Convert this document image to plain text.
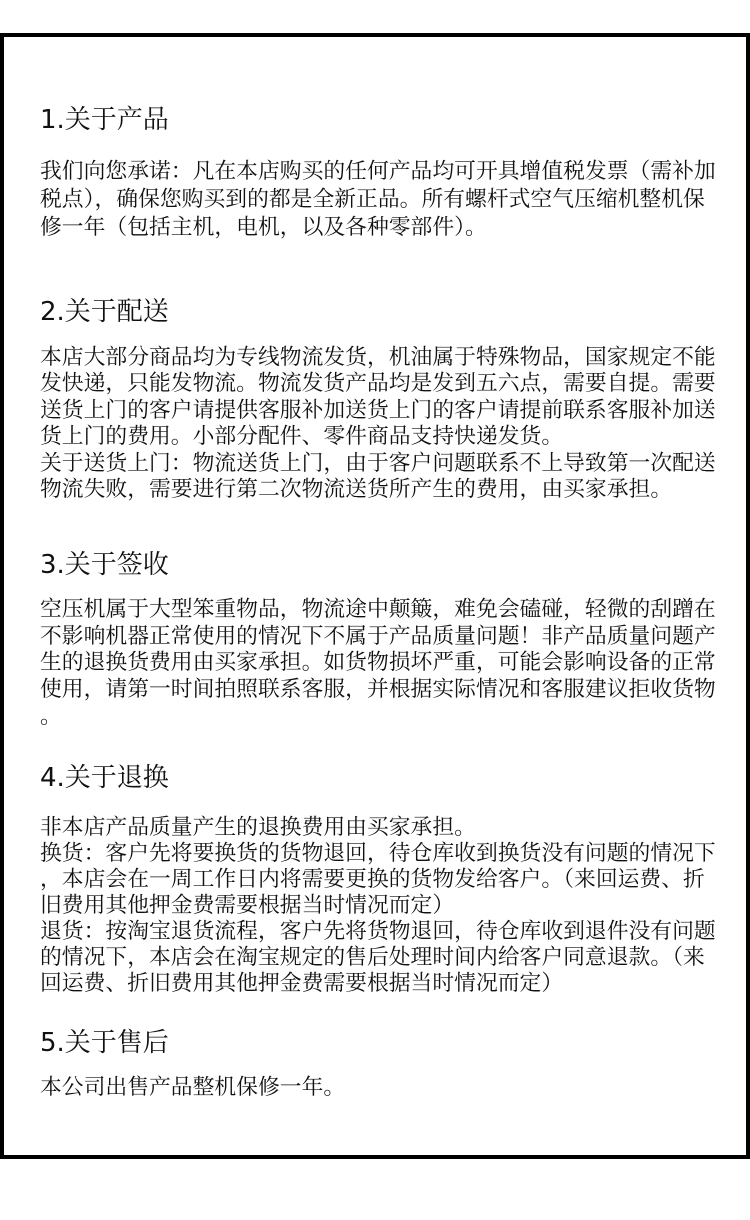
1.关于产品
我们向您承诺：凡在本店购买的任何产品均可开具增值税发票（需补加
税点），确保您购买到的都是全新正品。所有螺杆式空气压缩机整机保
修一年（包括主机，电机，以及各种零部件）。
2.关于配送
本店大部分商品均为专线物流发货，机油属于特殊物品，国家规定不能
发快递，只能发物流。物流发货产品均是发到五六点，需要自提。需要
送货上门的客户请提供客服补加送货上门的客户请提前联系客服补加送
货上门的费用。小部分配件、零件商品支持快递发货。
关于送货上门：物流送货上门，由于客户问题联系不上导致第一次配送
物流失败，需要进行第二次物流送货所产生的费用，由买家承担。
3.关于签收
空压机属于大型笨重物品，物流途中颠簸，难免会磕碰，轻微的刮蹭在
不影响机器正常使用的情况下不属于产品质量问题！非产品质量问题产
生的退换货费用由买家承担。如货物损坏严重，可能会影响设备的正常
使用，请第一时间拍照联系客服，并根据实际情况和客服建议拒收货物
。
4.关于退换
非本店产品质量产生的退换费用由买家承担。
换货：客户先将要换货的货物退回，待仓库收到换货没有问题的情况下
，本店会在一周工作日内将需要更换的货物发给客户。（来回运费、折
旧费用其他押金费需要根据当时情况而定）
退货：按淘宝退货流程，客户先将货物退回，待仓库收到退件没有问题
的情况下，本店会在淘宝规定的售后处理时间内给客户同意退款。（来
回运费、折旧费用其他押金费需要根据当时情况而定）
5.关于售后
本公司出售产品整机保修一年。
